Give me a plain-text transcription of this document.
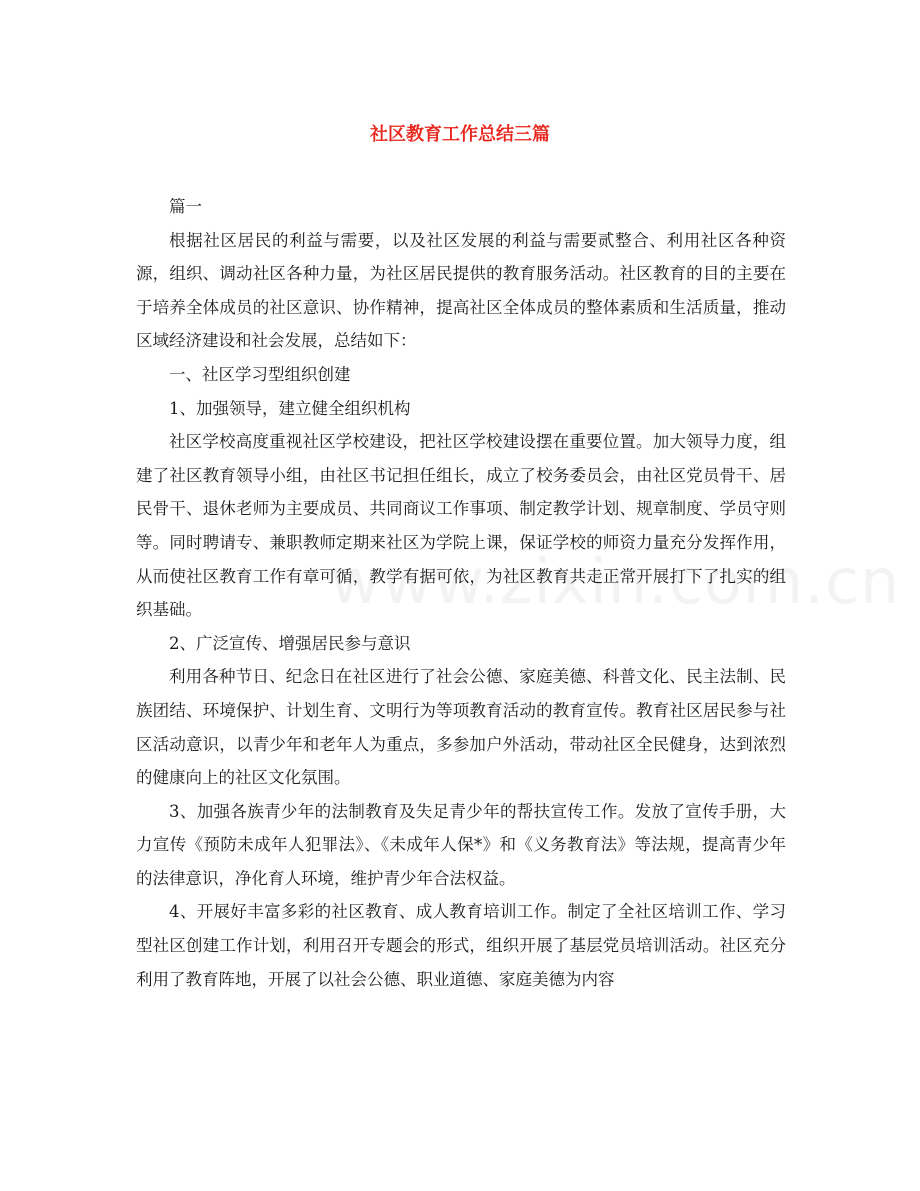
社区教育工作总结三篇

篇一

根据社区居民的利益与需要，以及社区发展的利益与需要贰整合、利用社区各种资源，组织、调动社区各种力量，为社区居民提供的教育服务活动。社区教育的目的主要在于培养全体成员的社区意识、协作精神，提高社区全体成员的整体素质和生活质量，推动区域经济建设和社会发展，总结如下：

一、社区学习型组织创建

1、加强领导，建立健全组织机构

社区学校高度重视社区学校建设，把社区学校建设摆在重要位置。加大领导力度，组建了社区教育领导小组，由社区书记担任组长，成立了校务委员会，由社区党员骨干、居民骨干、退休老师为主要成员、共同商议工作事项、制定教学计划、规章制度、学员守则等。同时聘请专、兼职教师定期来社区为学院上课，保证学校的师资力量充分发挥作用，从而使社区教育工作有章可循，教学有据可依，为社区教育共走正常开展打下了扎实的组织基础。

2、广泛宣传、增强居民参与意识

利用各种节日、纪念日在社区进行了社会公德、家庭美德、科普文化、民主法制、民族团结、环境保护、计划生育、文明行为等项教育活动的教育宣传。教育社区居民参与社区活动意识，以青少年和老年人为重点，多参加户外活动，带动社区全民健身，达到浓烈的健康向上的社区文化氛围。

3、加强各族青少年的法制教育及失足青少年的帮扶宣传工作。发放了宣传手册，大力宣传《预防未成年人犯罪法》、《未成年人保*》和《义务教育法》等法规，提高青少年的法律意识，净化育人环境，维护青少年合法权益。

4、开展好丰富多彩的社区教育、成人教育培训工作。制定了全社区培训工作、学习型社区创建工作计划，利用召开专题会的形式，组织开展了基层党员培训活动。社区充分利用了教育阵地，开展了以社会公德、职业道德、家庭美德为内容
